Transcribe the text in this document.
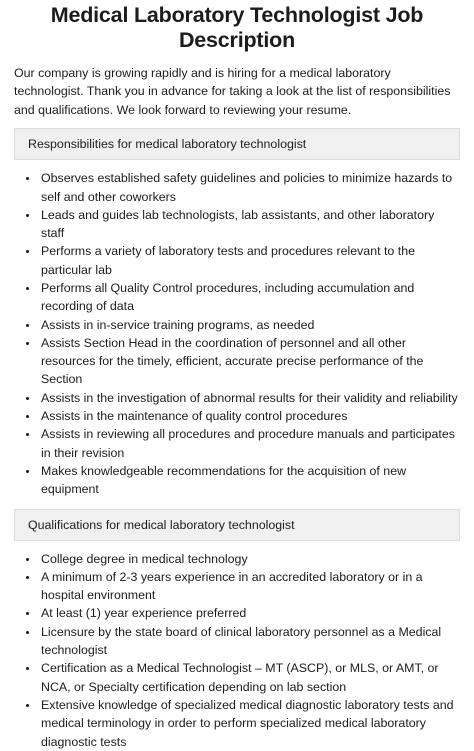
Medical Laboratory Technologist Job Description

Our company is growing rapidly and is hiring for a medical laboratory technologist. Thank you in advance for taking a look at the list of responsibilities and qualifications. We look forward to reviewing your resume.

Responsibilities for medical laboratory technologist
• Observes established safety guidelines and policies to minimize hazards to self and other coworkers
• Leads and guides lab technologists, lab assistants, and other laboratory staff
• Performs a variety of laboratory tests and procedures relevant to the particular lab
• Performs all Quality Control procedures, including accumulation and recording of data
• Assists in in-service training programs, as needed
• Assists Section Head in the coordination of personnel and all other resources for the timely, efficient, accurate precise performance of the Section
• Assists in the investigation of abnormal results for their validity and reliability
• Assists in the maintenance of quality control procedures
• Assists in reviewing all procedures and procedure manuals and participates in their revision
• Makes knowledgeable recommendations for the acquisition of new equipment
Qualifications for medical laboratory technologist
• College degree in medical technology
• A minimum of 2-3 years experience in an accredited laboratory or in a hospital environment
• At least (1) year experience preferred
• Licensure by the state board of clinical laboratory personnel as a Medical technologist
• Certification as a Medical Technologist – MT (ASCP), or MLS, or AMT, or NCA, or Specialty certification depending on lab section
• Extensive knowledge of specialized medical diagnostic laboratory tests and medical terminology in order to perform specialized medical laboratory diagnostic tests
